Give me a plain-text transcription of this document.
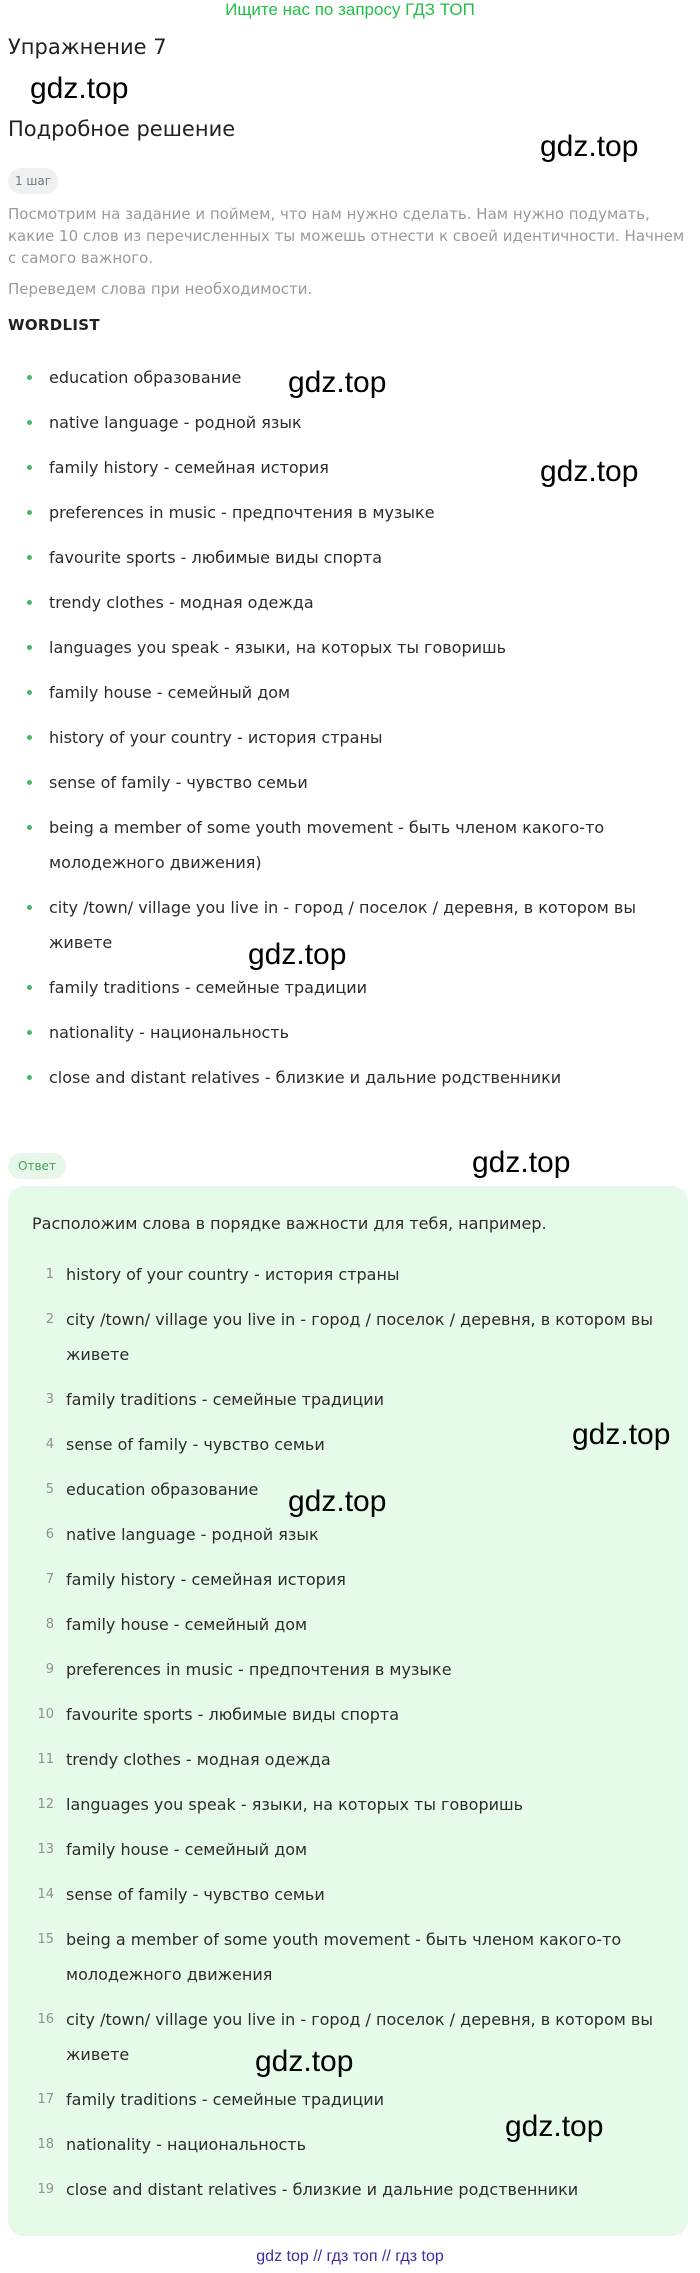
Ищите нас по запросу ГДЗ ТОП
Упражнение 7
gdz.top
Подробное решение
gdz.top
1 шаг

Посмотрим на задание и поймем, что нам нужно сделать. Нам нужно подумать, какие 10 слов из перечисленных ты можешь отнести к своей идентичности. Начнем с самого важного.

Переведем слова при необходимости.
WORDLIST
education образование
native language - родной язык
family history - семейная история
preferences in music - предпочтения в музыке
favourite sports - любимые виды спорта
trendy clothes - модная одежда
languages you speak - языки, на которых ты говоришь
family house - семейный дом
history of your country - история страны
sense of family - чувство семьи
being a member of some youth movement - быть членом какого-то молодежного движения)
city /town/ village you live in - город / поселок / деревня, в котором вы живете
family traditions - семейные традиции
nationality - национальность
close and distant relatives - близкие и дальние родственники
gdz.top
gdz.top
gdz.top
Ответ	gdz.top
Расположим слова в порядке важности для тебя, например.
1 history of your country - история страны
2 city /town/ village you live in - город / поселок / деревня, в котором вы живете
3 family traditions - семейные традиции
4 sense of family - чувство семьи
5 education образование
6 native language - родной язык
7 family history - семейная история
8 family house - семейный дом
9 preferences in music - предпочтения в музыке
10 favourite sports - любимые виды спорта
11 trendy clothes - модная одежда
12 languages you speak - языки, на которых ты говоришь
13 family house - семейный дом
14 sense of family - чувство семьи
15 being a member of some youth movement - быть членом какого-то молодежного движения
16 city /town/ village you live in - город / поселок / деревня, в котором вы живете
17 family traditions - семейные традиции
18 nationality - национальность
19 close and distant relatives - близкие и дальние родственники
gdz.top
gdz.top
gdz.top
gdz.top
gdz top // гдз топ // гдз top
